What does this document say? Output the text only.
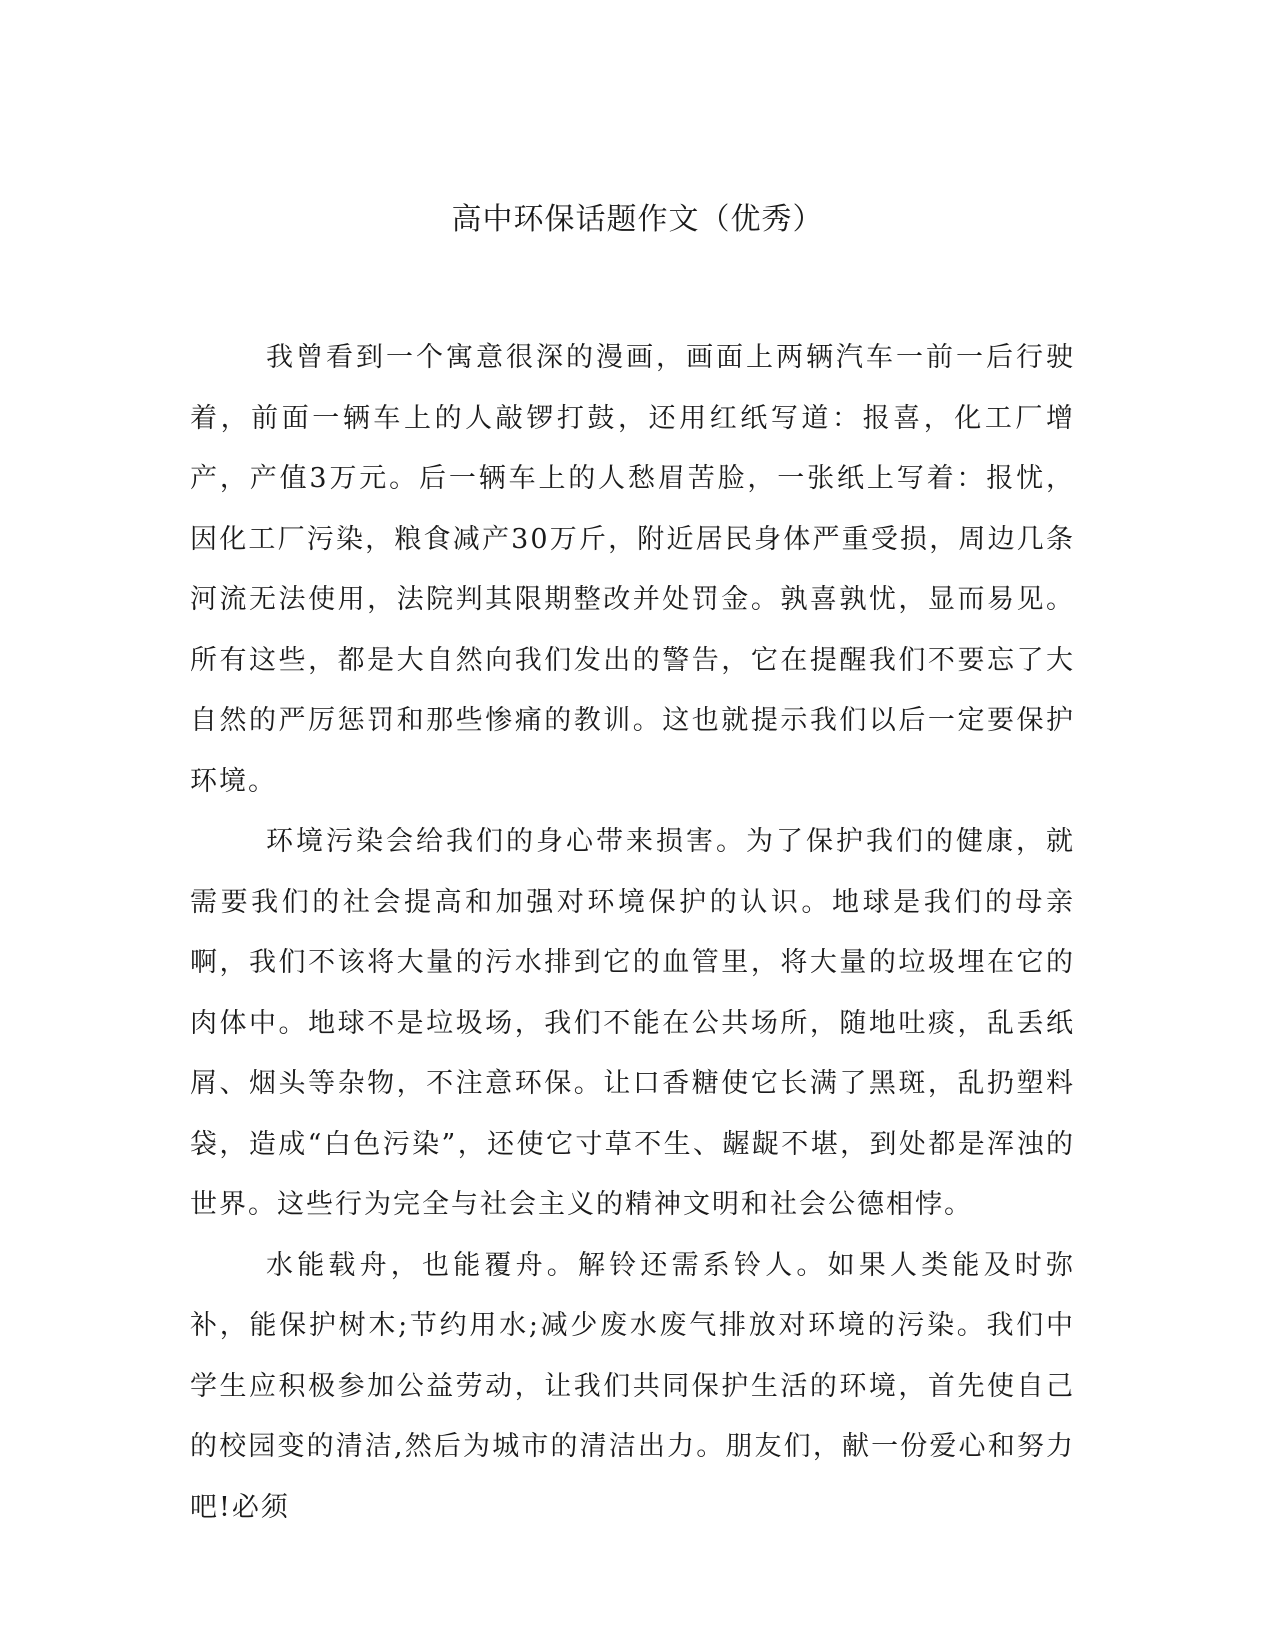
高中环保话题作文（优秀）

我曾看到一个寓意很深的漫画，画面上两辆汽车一前一后行驶着，前面一辆车上的人敲锣打鼓，还用红纸写道：报喜，化工厂增产，产值3万元。后一辆车上的人愁眉苦脸，一张纸上写着：报忧，因化工厂污染，粮食减产30万斤，附近居民身体严重受损，周边几条河流无法使用，法院判其限期整改并处罚金。孰喜孰忧，显而易见。所有这些，都是大自然向我们发出的警告，它在提醒我们不要忘了大自然的严厉惩罚和那些惨痛的教训。这也就提示我们以后一定要保护环境。

环境污染会给我们的身心带来损害。为了保护我们的健康，就需要我们的社会提高和加强对环境保护的认识。地球是我们的母亲啊，我们不该将大量的污水排到它的血管里，将大量的垃圾埋在它的肉体中。地球不是垃圾场，我们不能在公共场所，随地吐痰，乱丢纸屑、烟头等杂物，不注意环保。让口香糖使它长满了黑斑，乱扔塑料袋，造成“白色污染”，还使它寸草不生、龌龊不堪，到处都是浑浊的世界。这些行为完全与社会主义的精神文明和社会公德相悖。

水能载舟，也能覆舟。解铃还需系铃人。如果人类能及时弥补，能保护树木;节约用水;减少废水废气排放对环境的污染。我们中学生应积极参加公益劳动，让我们共同保护生活的环境，首先使自己的校园变的清洁,然后为城市的清洁出力。朋友们，献一份爱心和努力吧!必须
